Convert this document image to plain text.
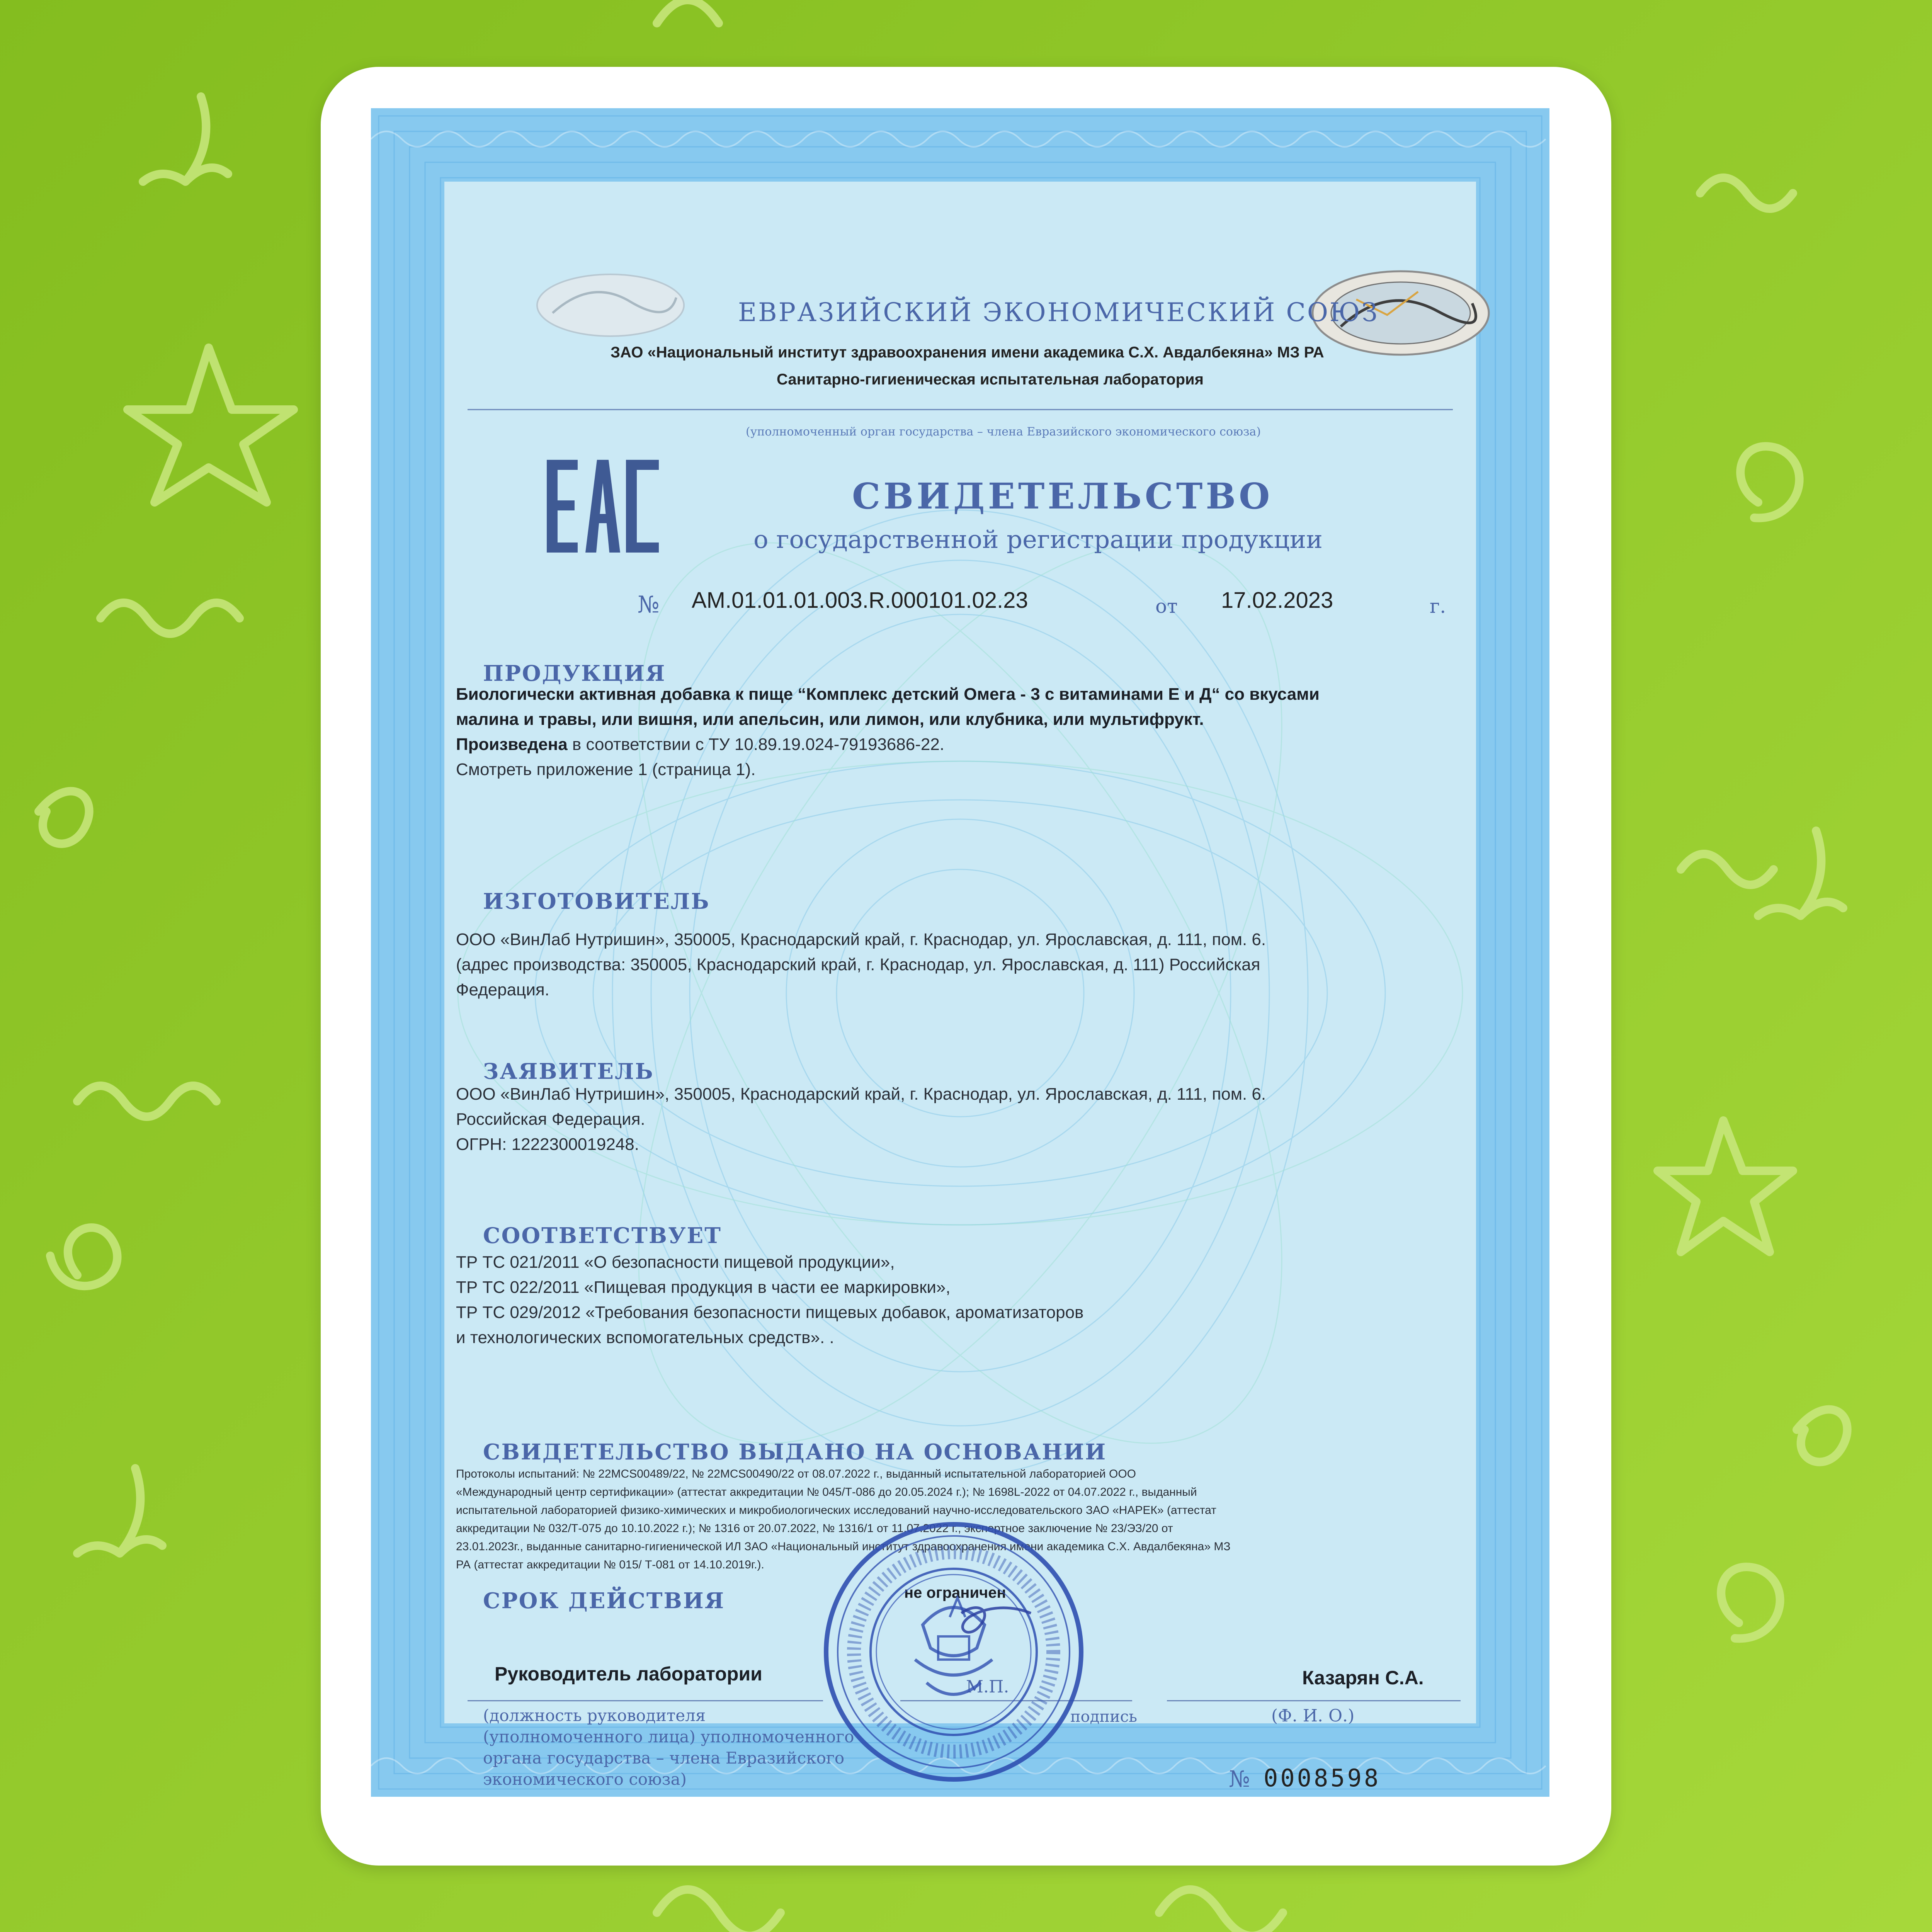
ЕВРАЗИЙСКИЙ ЭКОНОМИЧЕСКИЙ СОЮЗ

ЗАО «Национальный институт здравоохранения имени академика С.Х. Авдалбекяна» МЗ РА

Санитарно-гигиеническая испытательная лаборатория

(уполномоченный орган государства – члена Евразийского экономического союза)

СВИДЕТЕЛЬСТВО

о государственной регистрации продукции

№ AM.01.01.01.003.R.000101.02.23	от 17.02.2023	г.

ПРОДУКЦИЯ

Биологически активная добавка к пище “Комплекс детский Омега - 3 с витаминами Е и Д“ со вкусами

малина и травы, или вишня, или апельсин, или лимон, или клубника, или мультифрукт.

Произведена в соответствии с ТУ 10.89.19.024-79193686-22.

Смотреть приложение 1 (страница 1).

ИЗГОТОВИТЕЛЬ

ООО «ВинЛаб Нутришин», 350005, Краснодарский край, г. Краснодар, ул. Ярославская, д. 111, пом. 6.

(адрес производства: 350005, Краснодарский край, г. Краснодар, ул. Ярославская, д. 111) Российская

Федерация.

ЗАЯВИТЕЛЬ

ООО «ВинЛаб Нутришин», 350005, Краснодарский край, г. Краснодар, ул. Ярославская, д. 111, пом. 6.

Российская Федерация.

ОГРН: 1222300019248.

СООТВЕТСТВУЕТ

ТР ТС 021/2011 «О безопасности пищевой продукции»,

ТР ТС 022/2011 «Пищевая продукция в части ее маркировки»,

ТР ТС 029/2012 «Требования безопасности пищевых добавок, ароматизаторов

и технологических вспомогательных средств». .

СВИДЕТЕЛЬСТВО ВЫДАНО НА ОСНОВАНИИ

Протоколы испытаний: № 22MCS00489/22, № 22MCS00490/22 от 08.07.2022 г., выданный испытательной лабораторией ООО

«Международный центр сертификации» (аттестат аккредитации № 045/Т-086 до 20.05.2024 г.); № 1698L-2022 от 04.07.2022 г., выданный

испытательной лабораторией физико-химических и микробиологических исследований научно-исследовательского ЗАО «НАРЕК» (аттестат

аккредитации № 032/Т-075 до 10.10.2022 г.); № 1316 от 20.07.2022, № 1316/1 от 11.07.2022 г., экспертное заключение № 23/ЭЗ/20 от

23.01.2023г., выданные санитарно-гигиенической ИЛ ЗАО «Национальный институт здравоохранения имени академика С.Х. Авдалбекяна» МЗ

РА (аттестат аккредитации № 015/ Т-081 от 14.10.2019г.).

СРОК ДЕЙСТВИЯ	не ограничен

Руководитель лаборатории	Казарян С.А.

М.П.

подпись

(должность руководителя

(уполномоченного лица) уполномоченного

органа государства – члена Евразийского

экономического союза)

(Ф. И. О.)

№ 0008598
